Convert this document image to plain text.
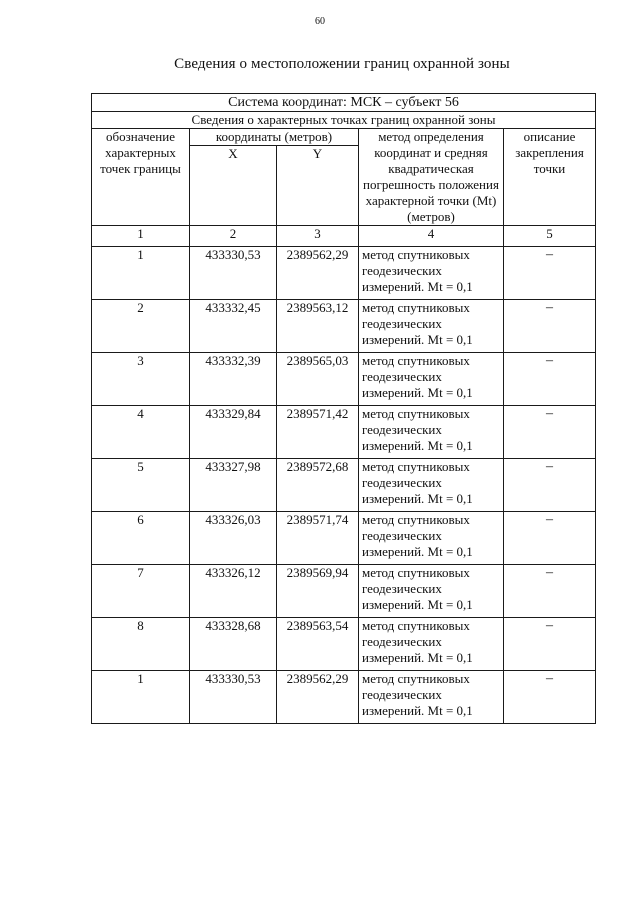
60
Сведения о местоположении границ охранной зоны
Система координат: МСК – субъект 56				
Сведения о характерных точках границ охранной зоны				
обозначение характерных точек границы	координаты (метров)		метод определения координат и средняя квадратическая погрешность положения характерной точки (Mt) (метров)	описание закрепления точки
	X	Y		

1	2	3	4	5
1	433330,53	2389562,29	метод спутниковых
геодезических
измерений. Mt = 0,1	–
2	433332,45	2389563,12	метод спутниковых
геодезических
измерений. Mt = 0,1	–
3	433332,39	2389565,03	метод спутниковых
геодезических
измерений. Mt = 0,1	–
4	433329,84	2389571,42	метод спутниковых
геодезических
измерений. Mt = 0,1	–
5	433327,98	2389572,68	метод спутниковых
геодезических
измерений. Mt = 0,1	–
6	433326,03	2389571,74	метод спутниковых
геодезических
измерений. Mt = 0,1	–
7	433326,12	2389569,94	метод спутниковых
геодезических
измерений. Mt = 0,1	–
8	433328,68	2389563,54	метод спутниковых
геодезических
измерений. Mt = 0,1	–
1	433330,53	2389562,29	метод спутниковых
геодезических
измерений. Mt = 0,1	–
